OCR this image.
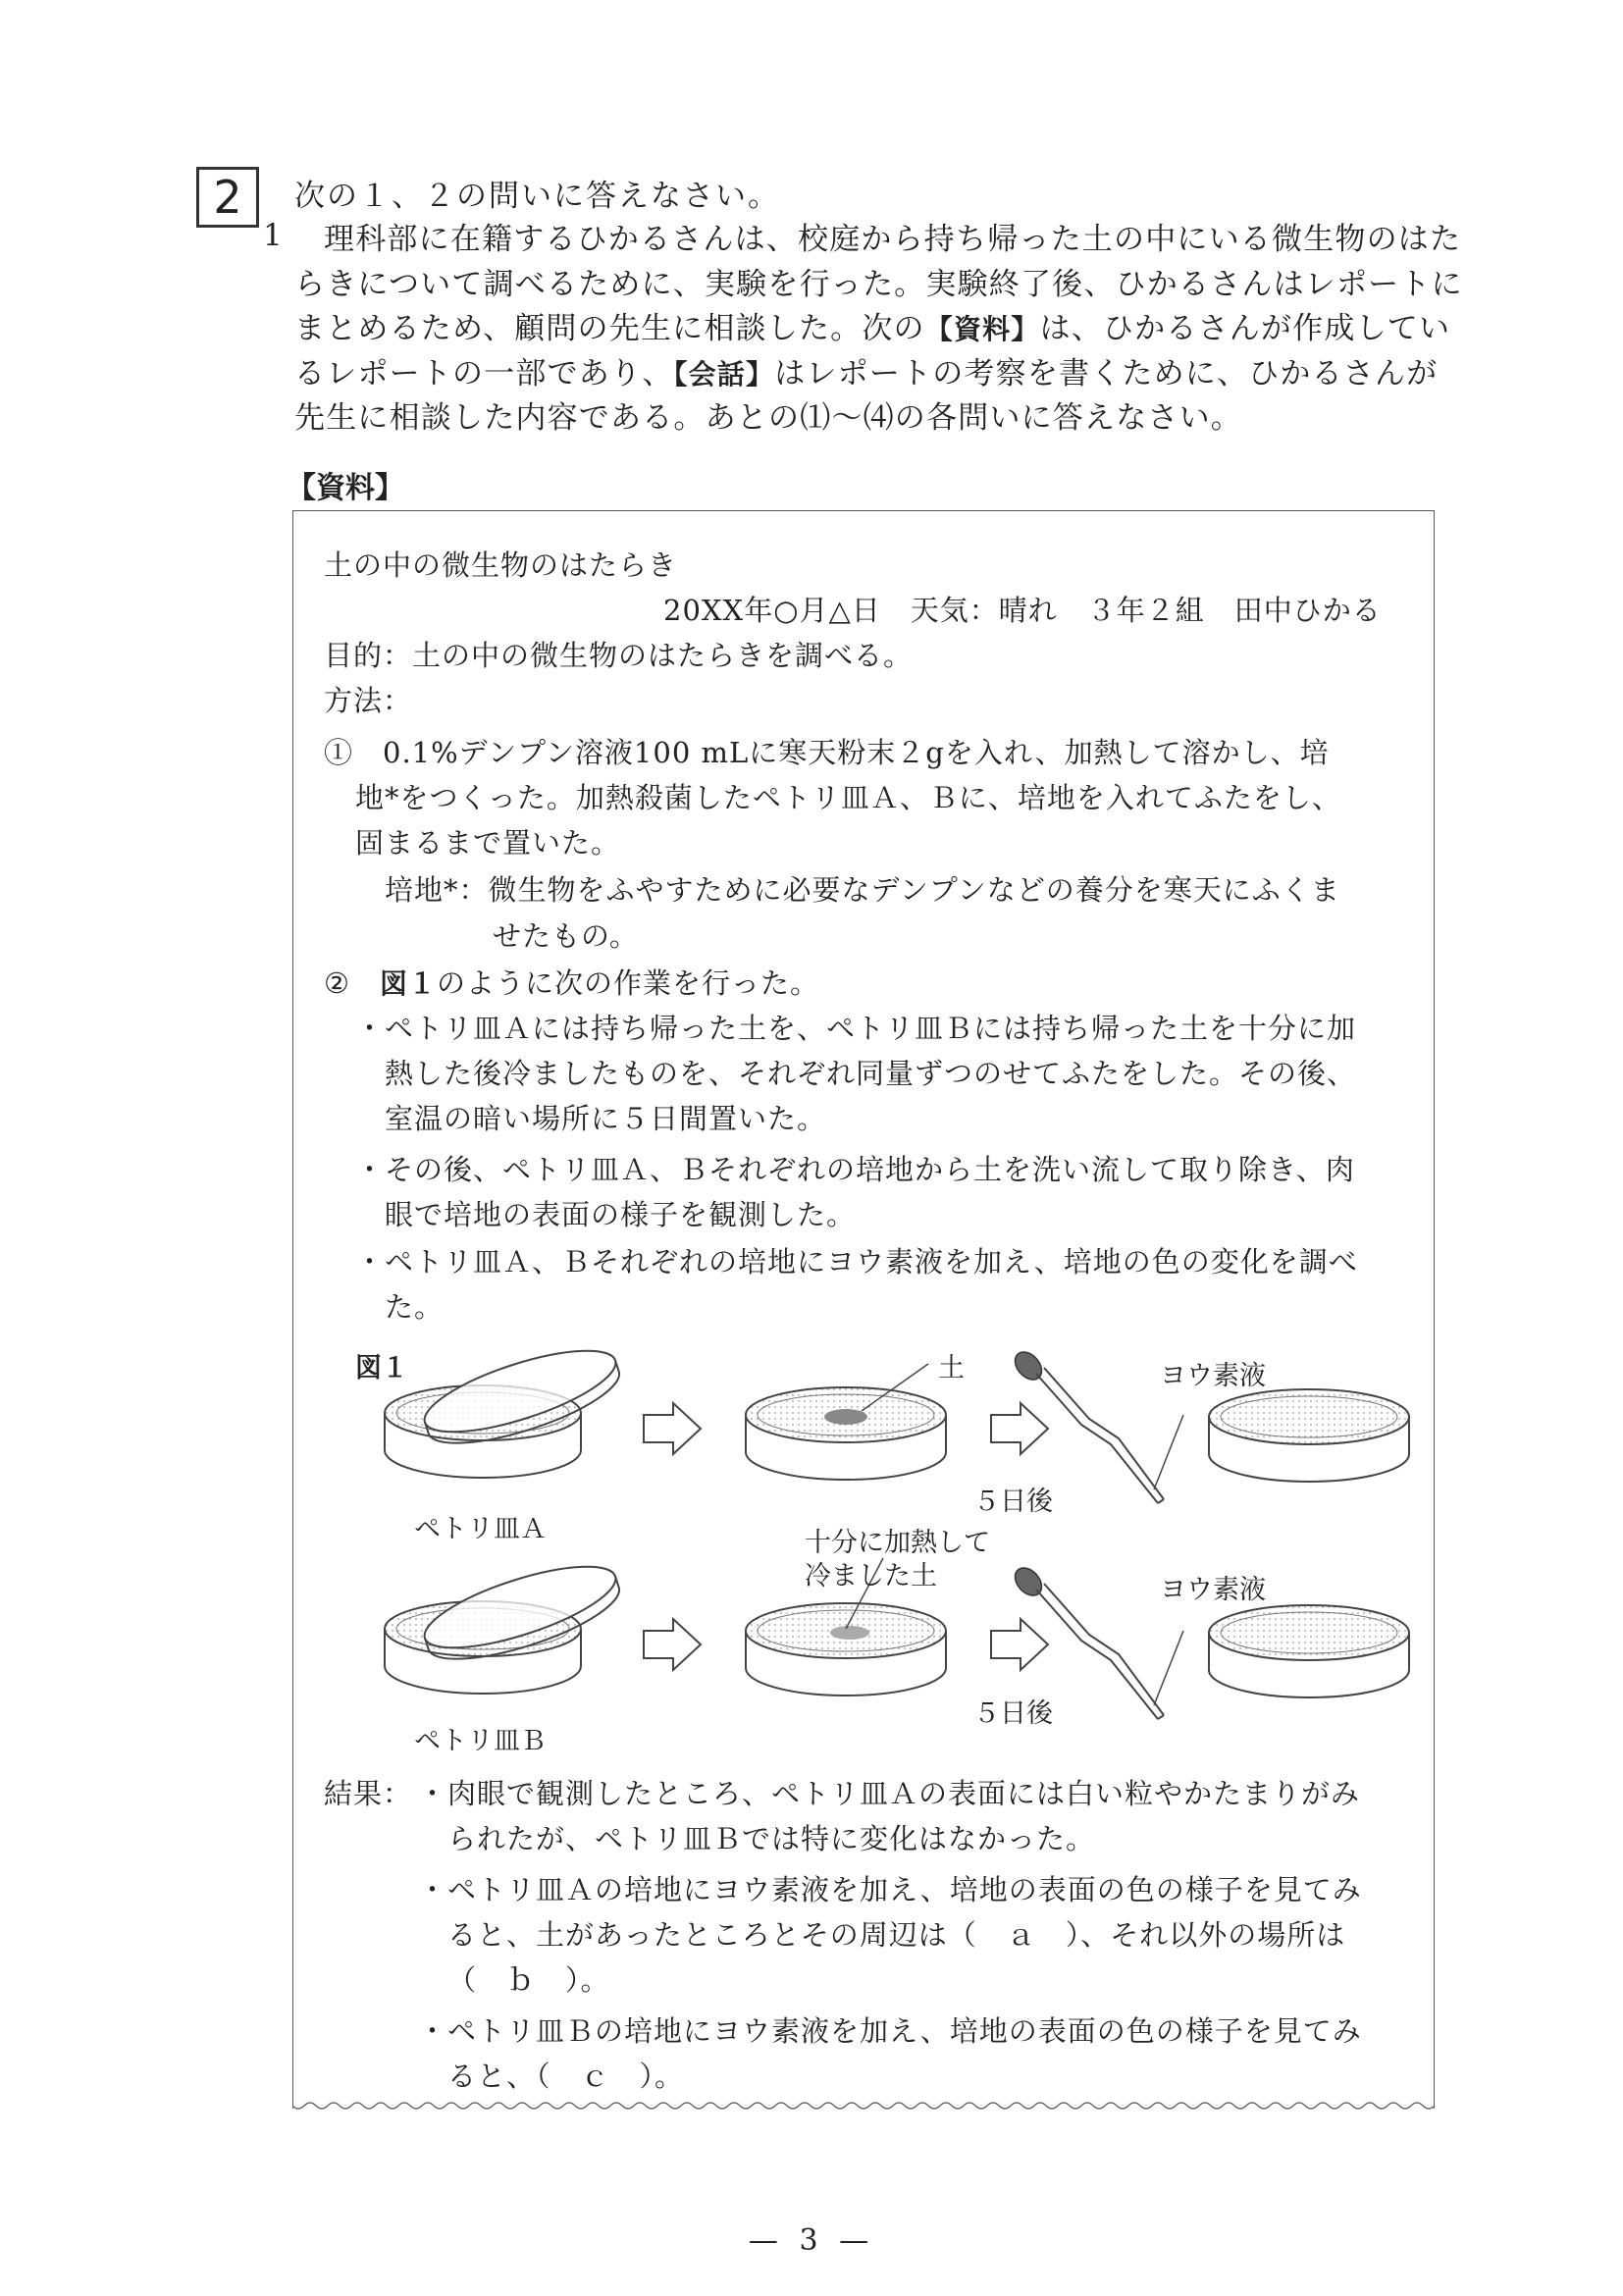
2	次の１、２の問いに答えなさい。
1	理科部に在籍するひかるさんは、校庭から持ち帰った土の中にいる微生物のはた
らきについて調べるために、実験を行った。実験終了後、ひかるさんはレポートに
まとめるため、顧問の先生に相談した。次の【資料】は、ひかるさんが作成してい
るレポートの一部であり、【会話】はレポートの考察を書くために、ひかるさんが
先生に相談した内容である。あとの⑴〜⑷の各問いに答えなさい。
【資料】
土の中の微生物のはたらき
20XX年○月△日　天気：晴れ　３年２組　田中ひかる
目的：土の中の微生物のはたらきを調べる。
方法：
①　0.1%デンプン溶液100 mLに寒天粉末２gを入れ、加熱して溶かし、培
地*をつくった。加熱殺菌したペトリ皿Ａ、Ｂに、培地を入れてふたをし、
固まるまで置いた。
培地*：微生物をふやすために必要なデンプンなどの養分を寒天にふくま
せたもの。
②　図１のように次の作業を行った。
・ペトリ皿Ａには持ち帰った土を、ペトリ皿Ｂには持ち帰った土を十分に加
熱した後冷ましたものを、それぞれ同量ずつのせてふたをした。その後、
室温の暗い場所に５日間置いた。
・その後、ペトリ皿Ａ、Ｂそれぞれの培地から土を洗い流して取り除き、肉
眼で培地の表面の様子を観測した。
・ペトリ皿Ａ、Ｂそれぞれの培地にヨウ素液を加え、培地の色の変化を調べ
た。
図１	土	ヨウ素液
５日後
ペトリ皿Ａ	十分に加熱して
冷ました土	ヨウ素液
５日後
ペトリ皿Ｂ
結果： ・肉眼で観測したところ、ペトリ皿Ａの表面には白い粒やかたまりがみ
られたが、ペトリ皿Ｂでは特に変化はなかった。
・ペトリ皿Ａの培地にヨウ素液を加え、培地の表面の色の様子を見てみ
ると、土があったところとその周辺は（　ａ　）、それ以外の場所は
（　ｂ　）。
・ペトリ皿Ｂの培地にヨウ素液を加え、培地の表面の色の様子を見てみ
ると、（　ｃ　）。
— 3 —
